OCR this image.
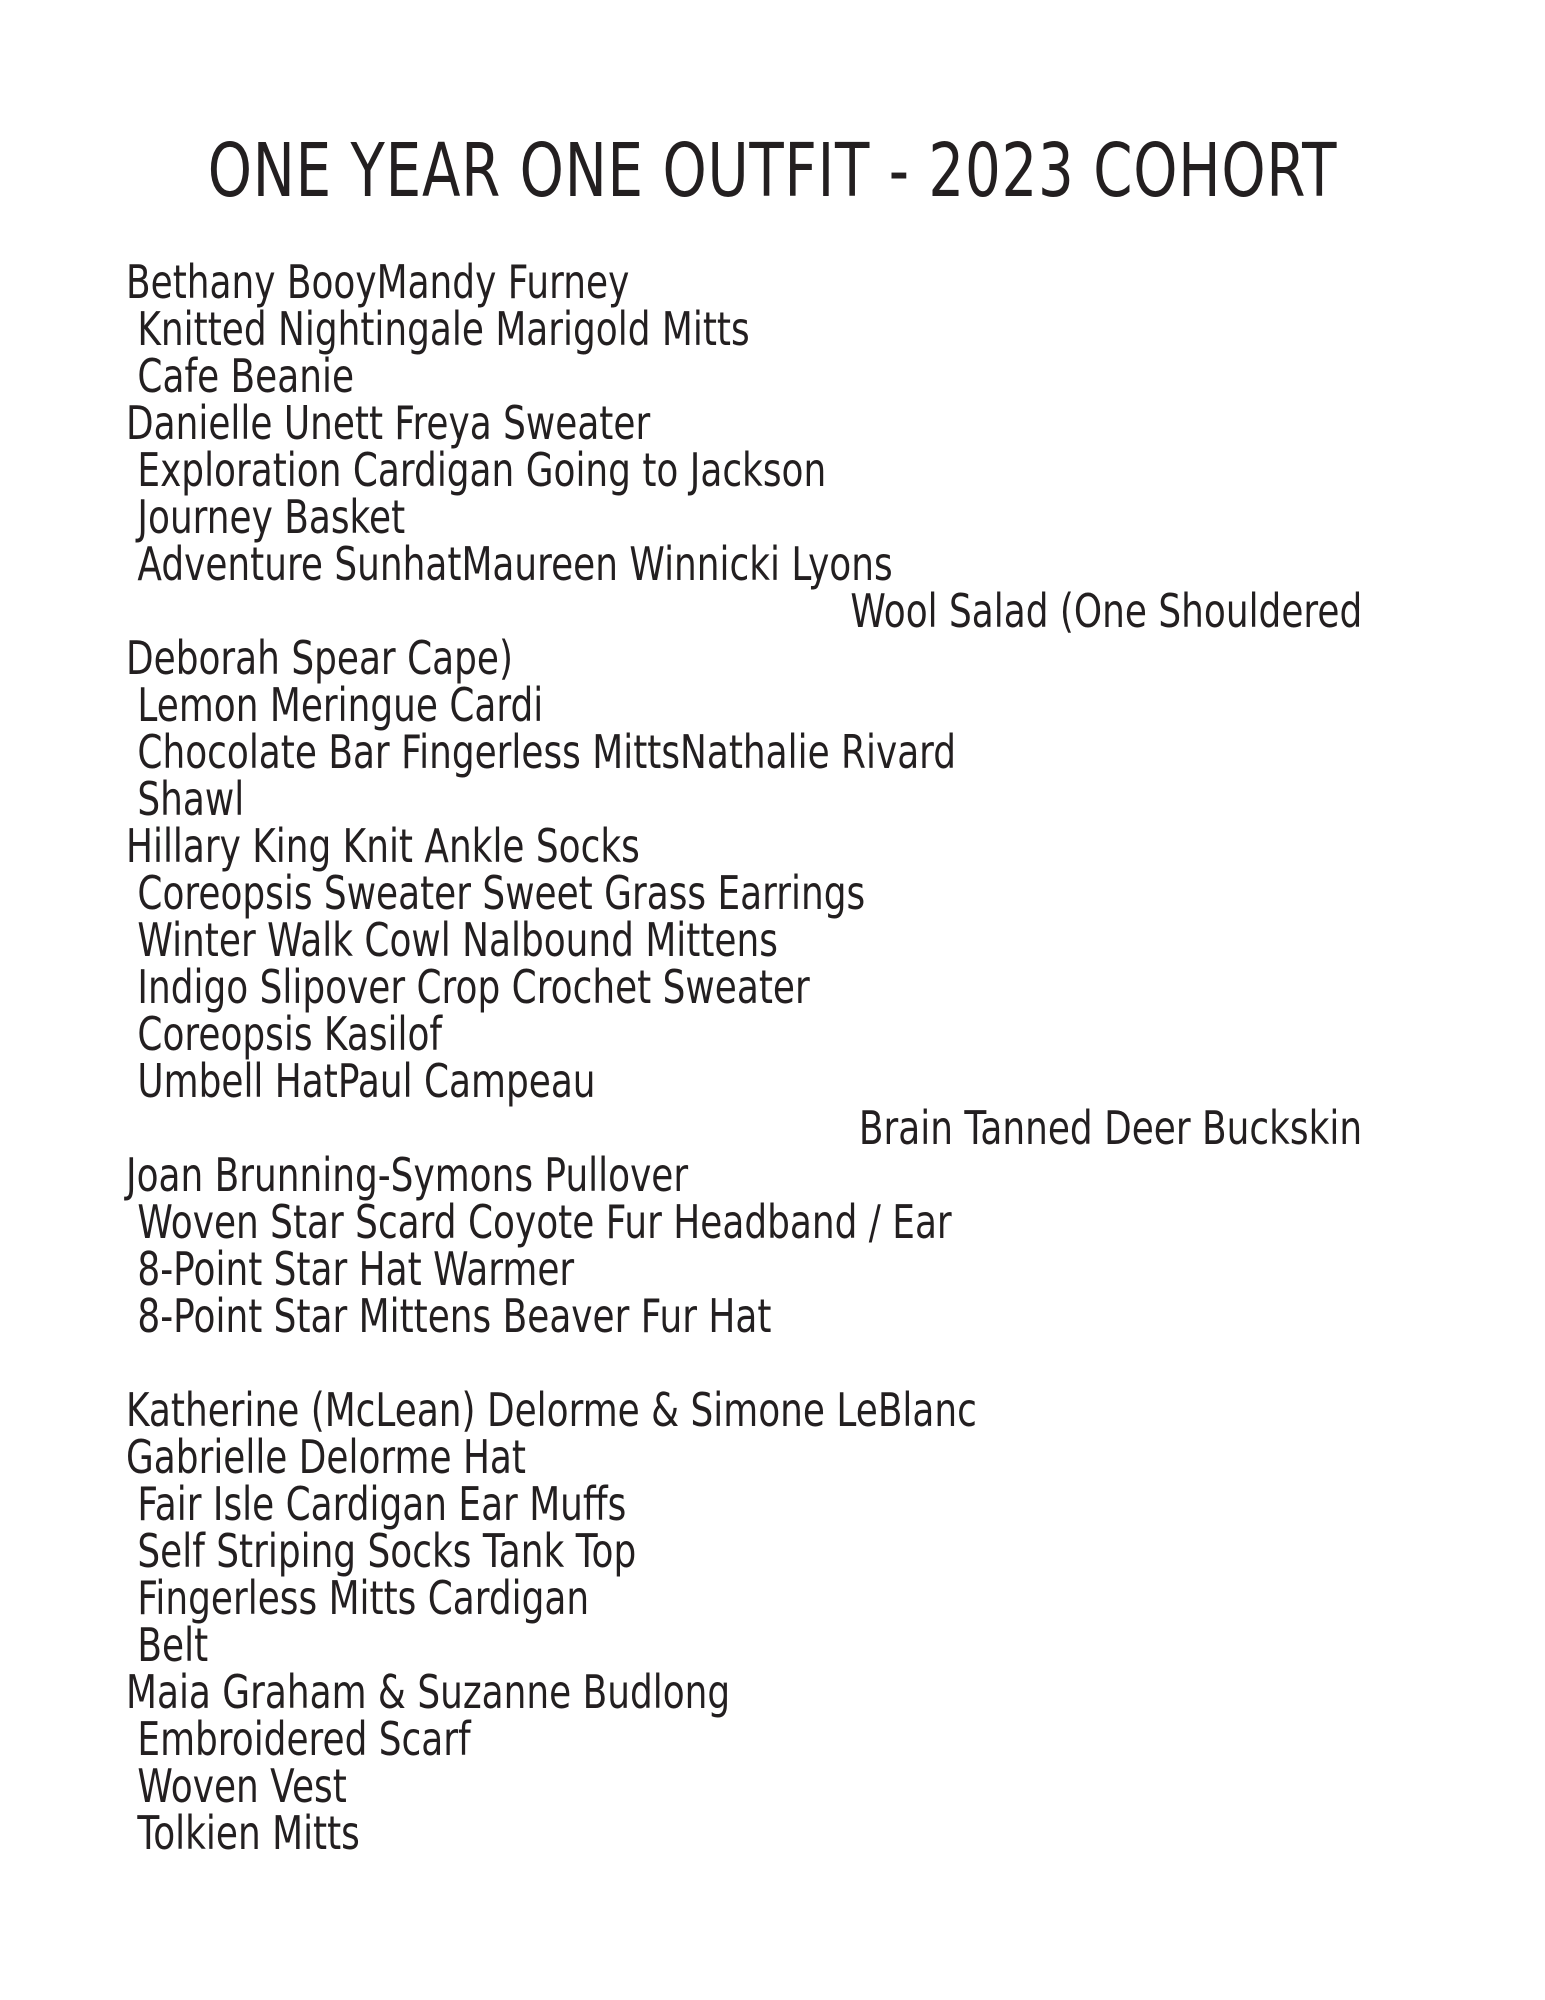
ONE YEAR ONE OUTFIT - 2023 COHORT
Bethany BooyMandy Furney
Knitted Nightingale Marigold Mitts
Cafe Beanie
Danielle Unett Freya Sweater
Exploration Cardigan Going to Jackson
Journey Basket
Adventure SunhatMaureen Winnicki Lyons
Wool Salad (One Shouldered
Deborah Spear Cape)
Lemon Meringue Cardi
Chocolate Bar Fingerless MittsNathalie Rivard
Shawl
Hillary King Knit Ankle Socks
Coreopsis Sweater Sweet Grass Earrings
Winter Walk Cowl Nalbound Mittens
Indigo Slipover Crop Crochet Sweater
Coreopsis Kasilof
Umbell HatPaul Campeau
Brain Tanned Deer Buckskin
Joan Brunning-Symons Pullover
Woven Star Scard Coyote Fur Headband / Ear
8-Point Star Hat Warmer
8-Point Star Mittens Beaver Fur Hat
Katherine (McLean) Delorme & Simone LeBlanc
Gabrielle Delorme Hat
Fair Isle Cardigan Ear Muffs
Self Striping Socks Tank Top
Fingerless Mitts Cardigan
Belt
Maia Graham & Suzanne Budlong
Embroidered Scarf
Woven Vest
Tolkien Mitts
